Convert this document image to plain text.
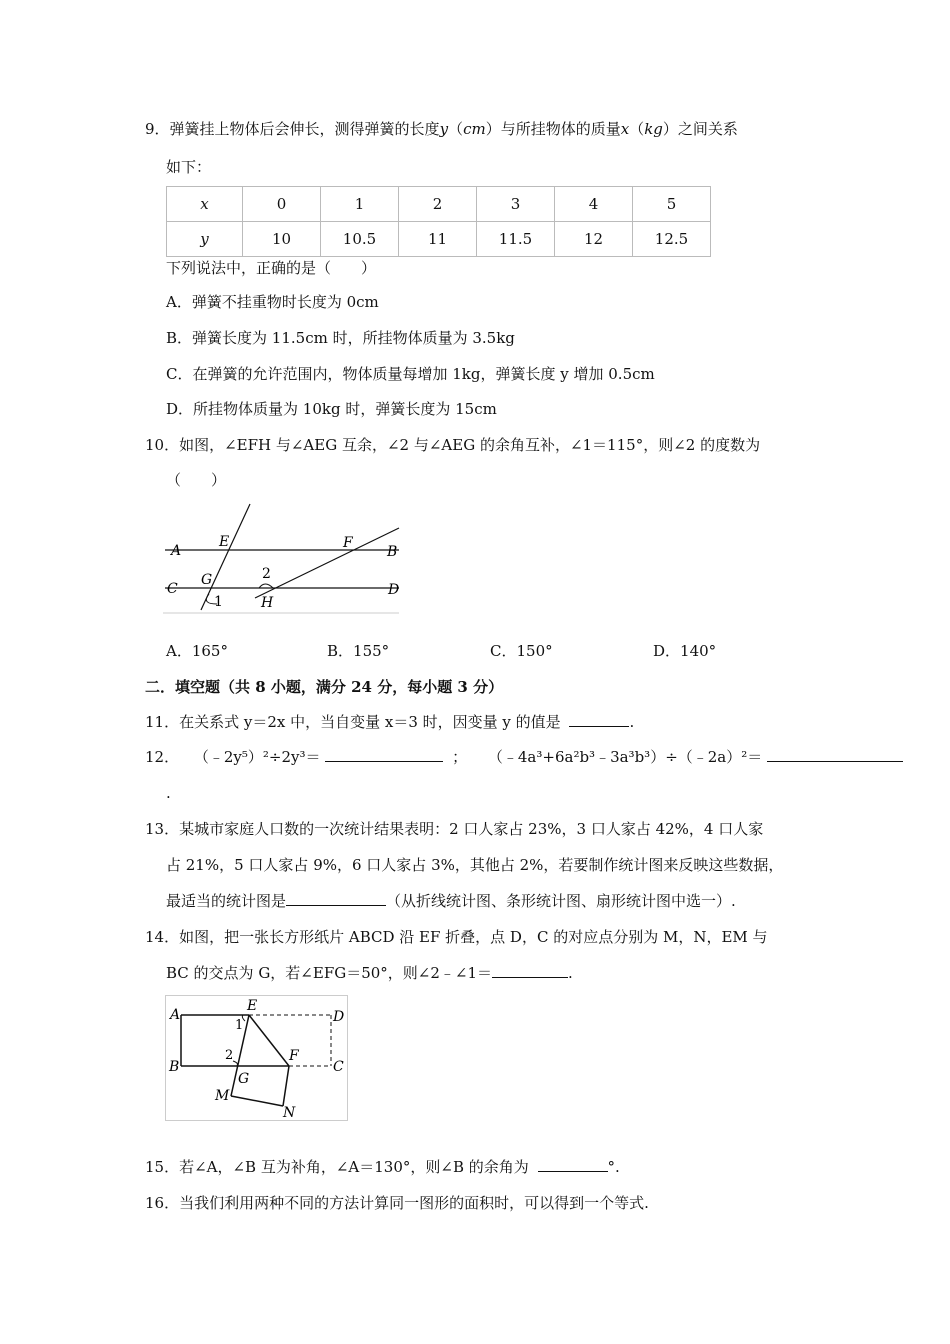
9．弹簧挂上物体后会伸长，测得弹簧的长度y（cm）与所挂物体的质量x（kg）之间关系
如下：
x	0	1	2	3	4	5
y	10	10.5	11	11.5	12	12.5
下列说法中，正确的是（　　）
A．弹簧不挂重物时长度为 0cm
B．弹簧长度为 11.5cm 时，所挂物体质量为 3.5kg
C．在弹簧的允许范围内，物体质量每增加 1kg，弹簧长度 y 增加 0.5cm
D．所挂物体质量为 10kg 时，弹簧长度为 15cm
10．如图，∠EFH 与∠AEG 互余，∠2 与∠AEG 的余角互补，∠1＝115°，则∠2 的度数为
（　　）
A
E	F
B
C
G	2
D
1	H
A．165°	B．155°	C．150°	D．140°
二．填空题（共 8 小题，满分 24 分，每小题 3 分）
11．在关系式 y＝2x 中，当自变量 x＝3 时，因变量 y 的值是	.
12． （﹣2y⁵）²÷2y³＝	； （﹣4a³+6a²b³﹣3a³b³）÷（﹣2a）²＝
.
13．某城市家庭人口数的一次统计结果表明：2 口人家占 23%，3 口人家占 42%，4 口人家
占 21%，5 口人家占 9%，6 口人家占 3%，其他占 2%，若要制作统计图来反映这些数据，
最适当的统计图是	（从折线统计图、条形统计图、扇形统计图中选一）.
14．如图，把一张长方形纸片 ABCD 沿 EF 折叠，点 D，C 的对应点分别为 M，N，EM 与
BC 的交点为 G，若∠EFG＝50°，则∠2﹣∠1＝	.
A
E
D
1
B
2	F
C
G
M
N
15．若∠A，∠B 互为补角，∠A＝130°，则∠B 的余角为	°.
16．当我们利用两种不同的方法计算同一图形的面积时，可以得到一个等式.
